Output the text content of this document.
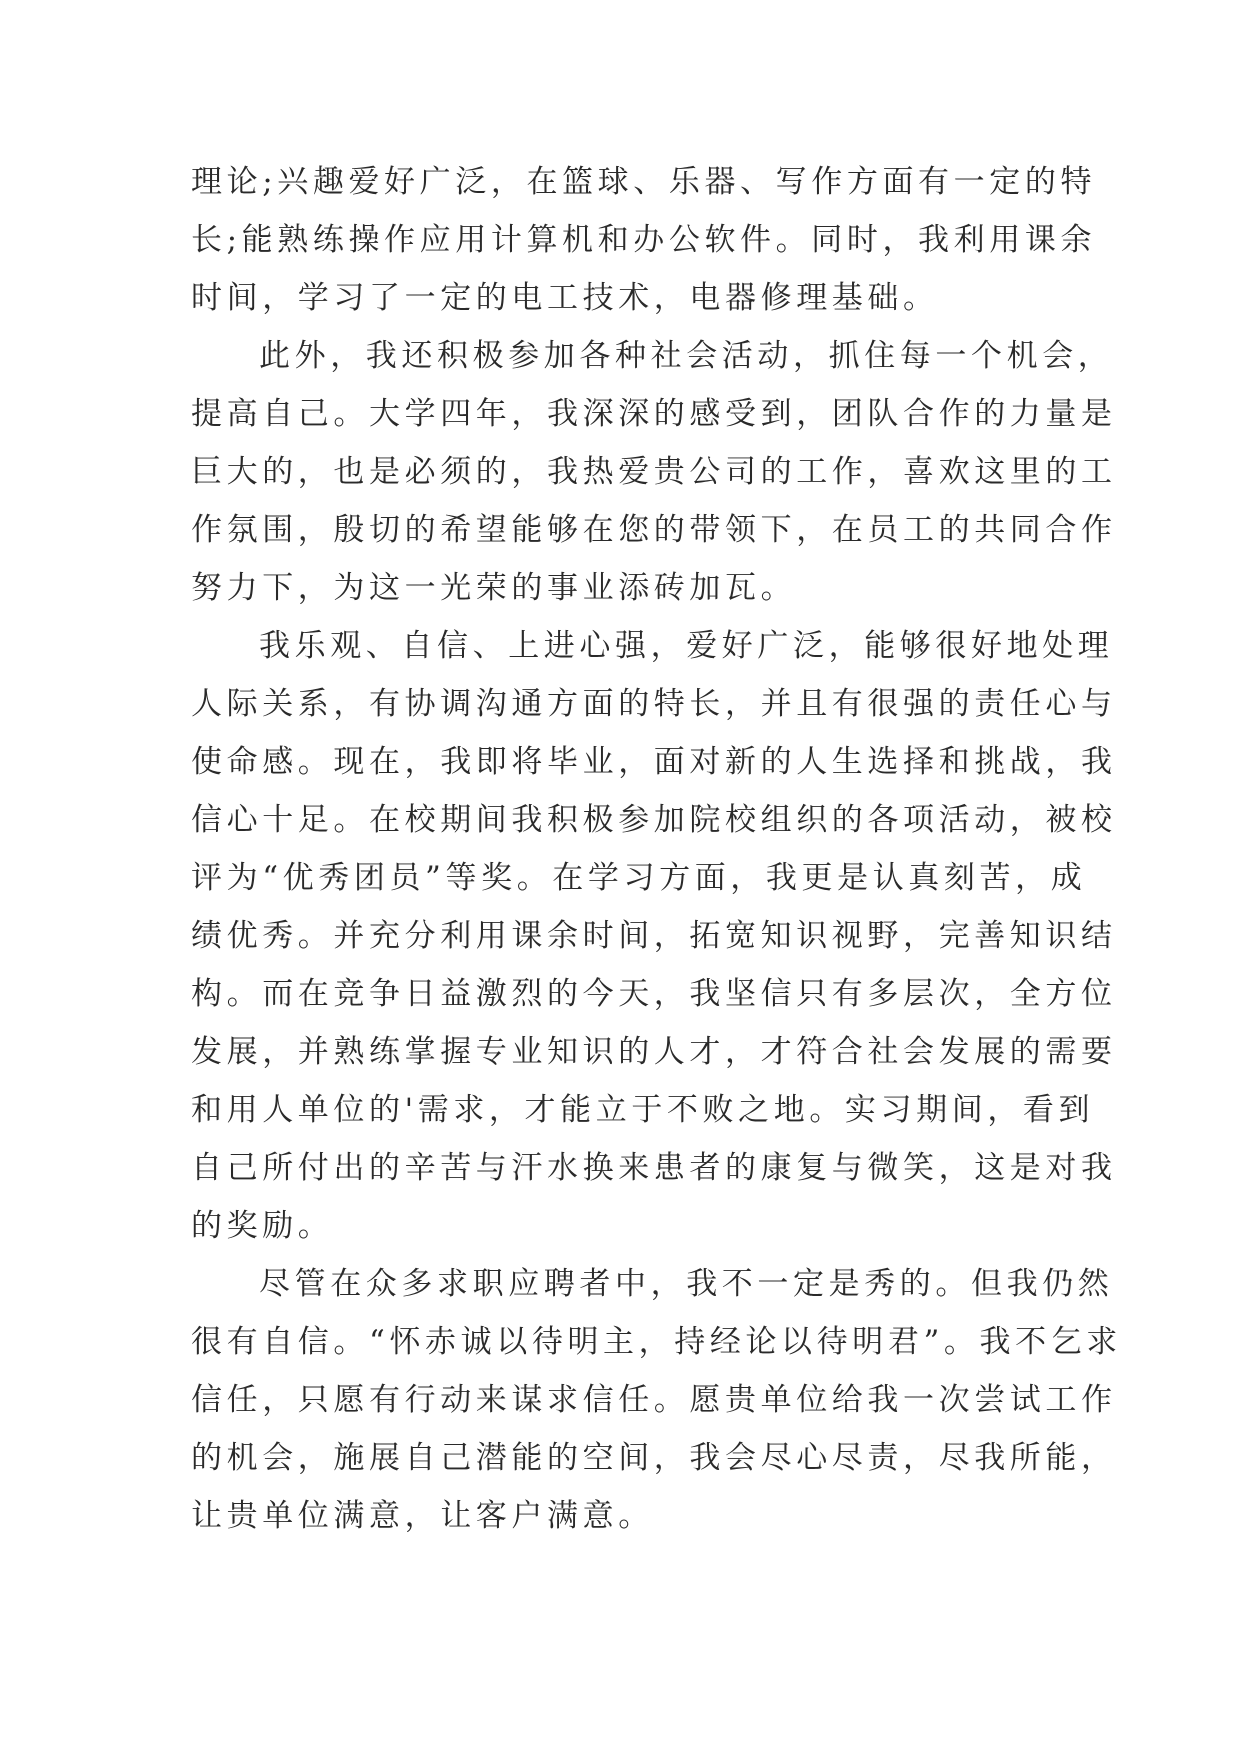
理论;兴趣爱好广泛，在篮球、乐器、写作方面有一定的特
长;能熟练操作应用计算机和办公软件。同时，我利用课余
时间，学习了一定的电工技术，电器修理基础。
此外，我还积极参加各种社会活动，抓住每一个机会，
提高自己。大学四年，我深深的感受到，团队合作的力量是
巨大的，也是必须的，我热爱贵公司的工作，喜欢这里的工
作氛围，殷切的希望能够在您的带领下，在员工的共同合作
努力下，为这一光荣的事业添砖加瓦。
我乐观、自信、上进心强，爱好广泛，能够很好地处理
人际关系，有协调沟通方面的特长，并且有很强的责任心与
使命感。现在，我即将毕业，面对新的人生选择和挑战，我
信心十足。在校期间我积极参加院校组织的各项活动，被校
评为“优秀团员”等奖。在学习方面，我更是认真刻苦，成
绩优秀。并充分利用课余时间，拓宽知识视野，完善知识结
构。而在竞争日益激烈的今天，我坚信只有多层次，全方位
发展，并熟练掌握专业知识的人才，才符合社会发展的需要
和用人单位的'需求，才能立于不败之地。实习期间，看到
自己所付出的辛苦与汗水换来患者的康复与微笑，这是对我
的奖励。
尽管在众多求职应聘者中，我不一定是秀的。但我仍然
很有自信。“怀赤诚以待明主，持经论以待明君”。我不乞求
信任，只愿有行动来谋求信任。愿贵单位给我一次尝试工作
的机会，施展自己潜能的空间，我会尽心尽责，尽我所能，
让贵单位满意，让客户满意。
